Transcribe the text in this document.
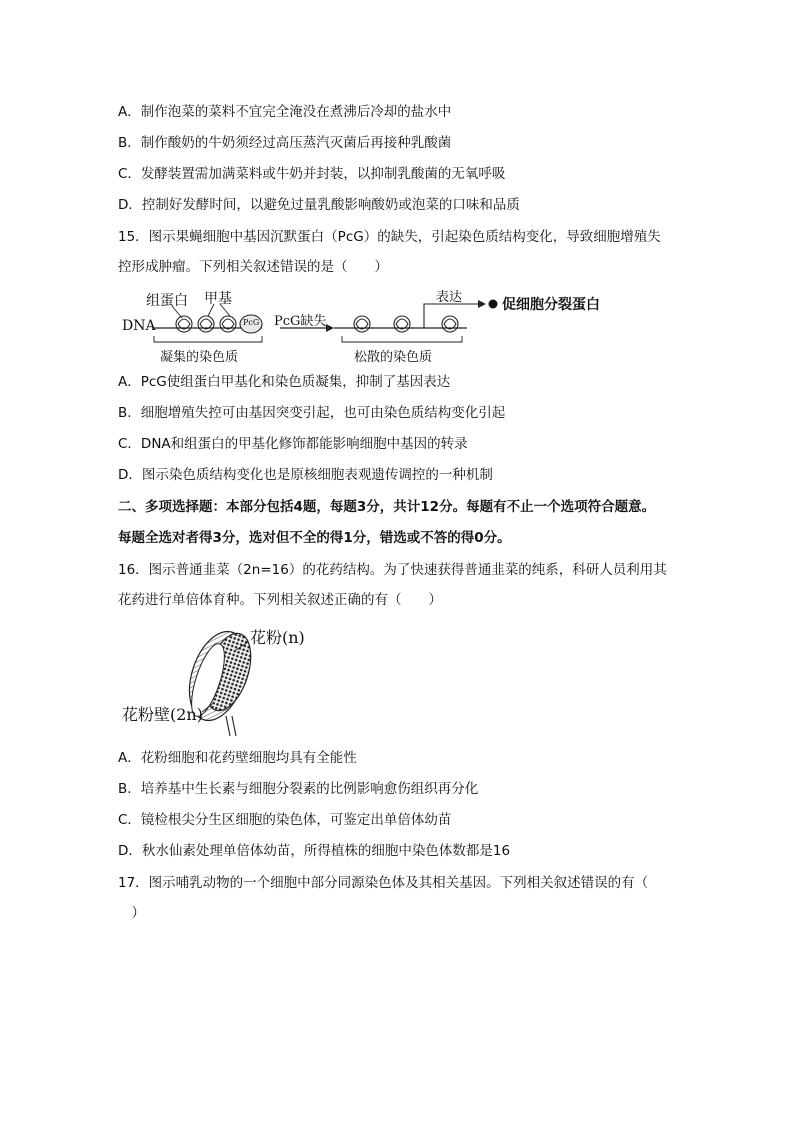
A．制作泡菜的菜料不宜完全淹没在煮沸后冷却的盐水中
B．制作酸奶的牛奶须经过高压蒸汽灭菌后再接种乳酸菌
C．发酵装置需加满菜料或牛奶并封装，以抑制乳酸菌的无氧呼吸
D．控制好发酵时间，以避免过量乳酸影响酸奶或泡菜的口味和品质
15．图示果蝇细胞中基因沉默蛋白（PcG）的缺失，引起染色质结构变化，导致细胞增殖失
控形成肿瘤。下列相关叙述错误的是（　　）
组蛋白 甲基
DNA	PcG PcG缺失
表达	促细胞分裂蛋白
凝集的染色质	松散的染色质
A．PcG使组蛋白甲基化和染色质凝集，抑制了基因表达
B．细胞增殖失控可由基因突变引起，也可由染色质结构变化引起
C．DNA和组蛋白的甲基化修饰都能影响细胞中基因的转录
D．图示染色质结构变化也是原核细胞表观遗传调控的一种机制
二、多项选择题：本部分包括4题，每题3分，共计12分。每题有不止一个选项符合题意。
每题全选对者得3分，选对但不全的得1分，错选或不答的得0分。
16．图示普通韭菜（2n=16）的花药结构。为了快速获得普通韭菜的纯系，科研人员利用其
花药进行单倍体育种。下列相关叙述正确的有（　　）
花粉(n)
花粉壁(2n)
A．花粉细胞和花药壁细胞均具有全能性
B．培养基中生长素与细胞分裂素的比例影响愈伤组织再分化
C．镜检根尖分生区细胞的染色体，可鉴定出单倍体幼苗
D．秋水仙素处理单倍体幼苗，所得植株的细胞中染色体数都是16
17．图示哺乳动物的一个细胞中部分同源染色体及其相关基因。下列相关叙述错误的有（
　）
